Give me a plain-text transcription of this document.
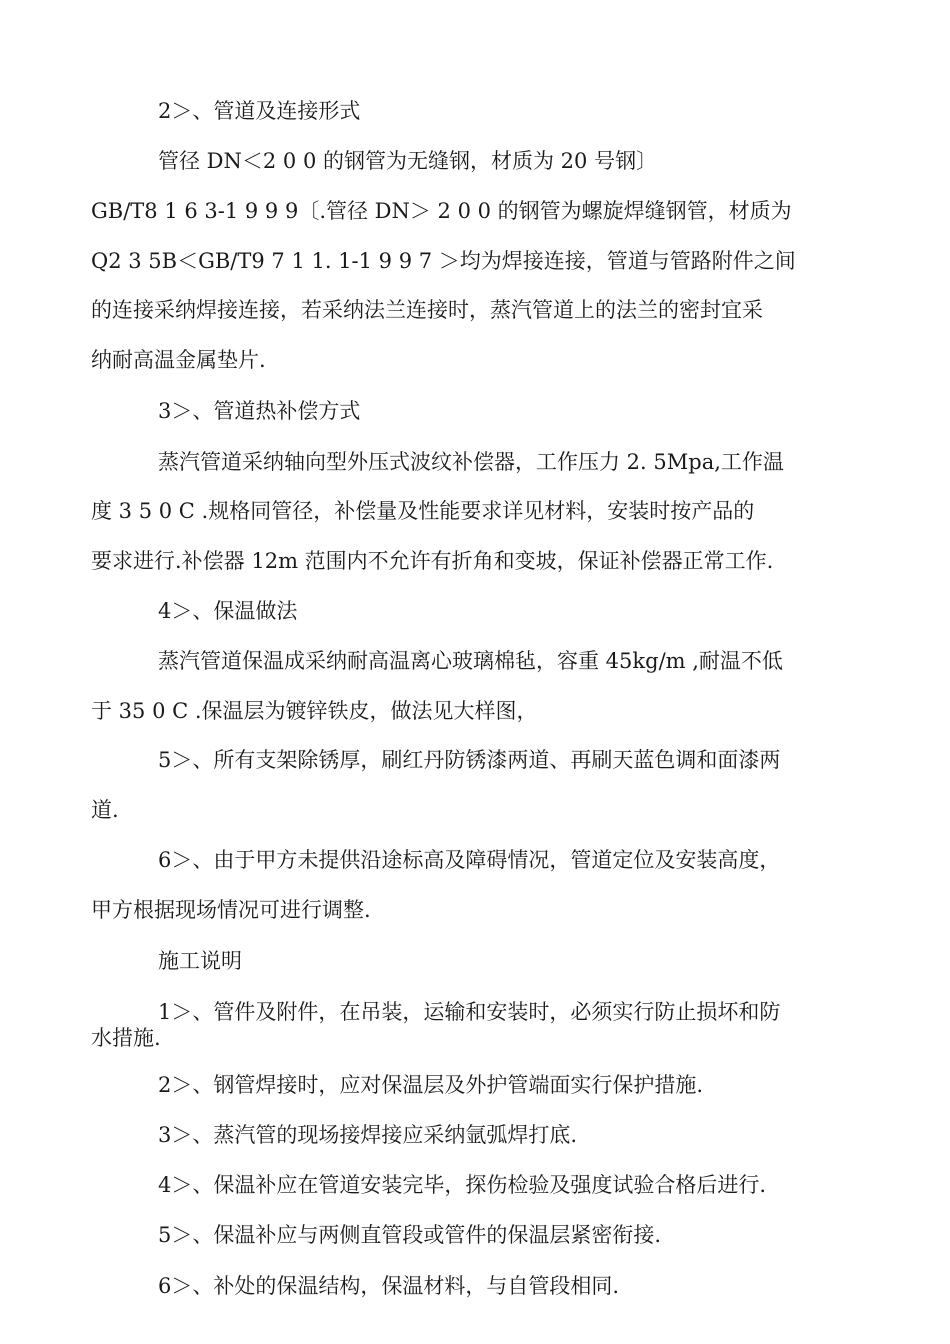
2＞、管道及连接形式
管径 DN＜2 0 0 的钢管为无缝钢，材质为 20 号钢〕
GB/T8 1 6 3-1 9 9 9〔.管径 DN＞ 2 0 0 的钢管为螺旋焊缝钢管，材质为
Q2 3 5B＜GB/T9 7 1 1. 1-1 9 9 7 ＞均为焊接连接，管道与管路附件之间
的连接采纳焊接连接，若采纳法兰连接时，蒸汽管道上的法兰的密封宜采
纳耐高温金属垫片.
3＞、管道热补偿方式
蒸汽管道采纳轴向型外压式波纹补偿器，工作压力 2. 5Mpa,工作温
度 3 5 0 C .规格同管径，补偿量及性能要求详见材料，安装时按产品的
要求进行.补偿器 12m 范围内不允许有折角和变坡，保证补偿器正常工作.
4＞、保温做法
蒸汽管道保温成采纳耐高温离心玻璃棉毡，容重 45kg/m ,耐温不低
于 35 0 C .保温层为镀锌铁皮，做法见大样图，
5＞、所有支架除锈厚，刷红丹防锈漆两道、再刷天蓝色调和面漆两
道.
6＞、由于甲方未提供沿途标高及障碍情况，管道定位及安装高度，
甲方根据现场情况可进行调整.
施工说明
1＞、管件及附件，在吊装，运输和安装时，必须实行防止损坏和防
水措施.
2＞、钢管焊接时，应对保温层及外护管端面实行保护措施.
3＞、蒸汽管的现场接焊接应采纳氩弧焊打底.
4＞、保温补应在管道安装完毕，探伤检验及强度试验合格后进行.
5＞、保温补应与两侧直管段或管件的保温层紧密衔接.
6＞、补处的保温结构，保温材料，与自管段相同.
